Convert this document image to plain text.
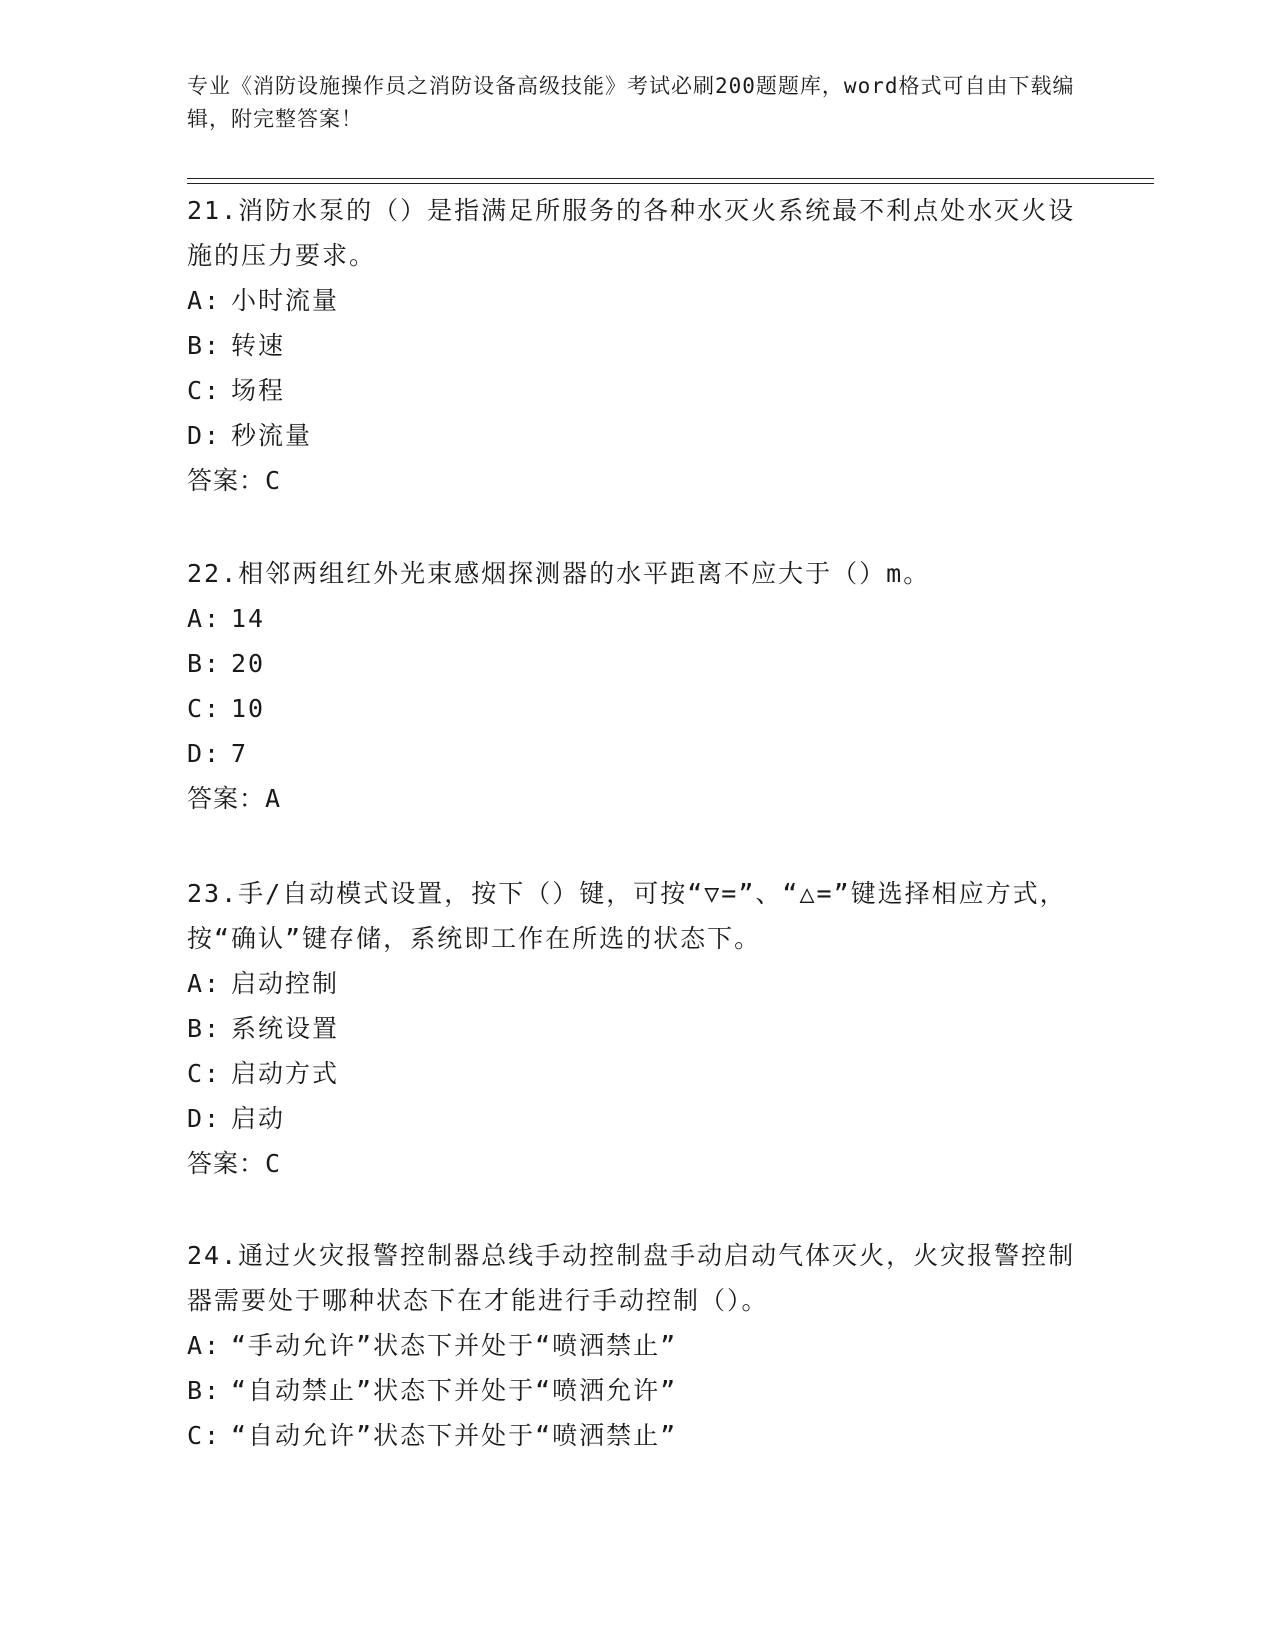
专业《消防设施操作员之消防设备高级技能》考试必刷200题题库，word格式可自由下载编辑，附完整答案！

21.消防水泵的（）是指满足所服务的各种水灭火系统最不利点处水灭火设施的压力要求。

A: 小时流量

B: 转速

C: 场程

D: 秒流量

答案：C

22.相邻两组红外光束感烟探测器的水平距离不应大于（）m。

A: 14

B: 20

C: 10

D: 7

答案：A

23.手/自动模式设置，按下（）键，可按“▽=”、“△=”键选择相应方式，按“确认”键存储，系统即工作在所选的状态下。

A: 启动控制

B: 系统设置

C: 启动方式

D: 启动

答案：C

24.通过火灾报警控制器总线手动控制盘手动启动气体灭火，火灾报警控制器需要处于哪种状态下在才能进行手动控制（）。

A: “手动允许”状态下并处于“喷洒禁止”

B: “自动禁止”状态下并处于“喷洒允许”

C: “自动允许”状态下并处于“喷洒禁止”
